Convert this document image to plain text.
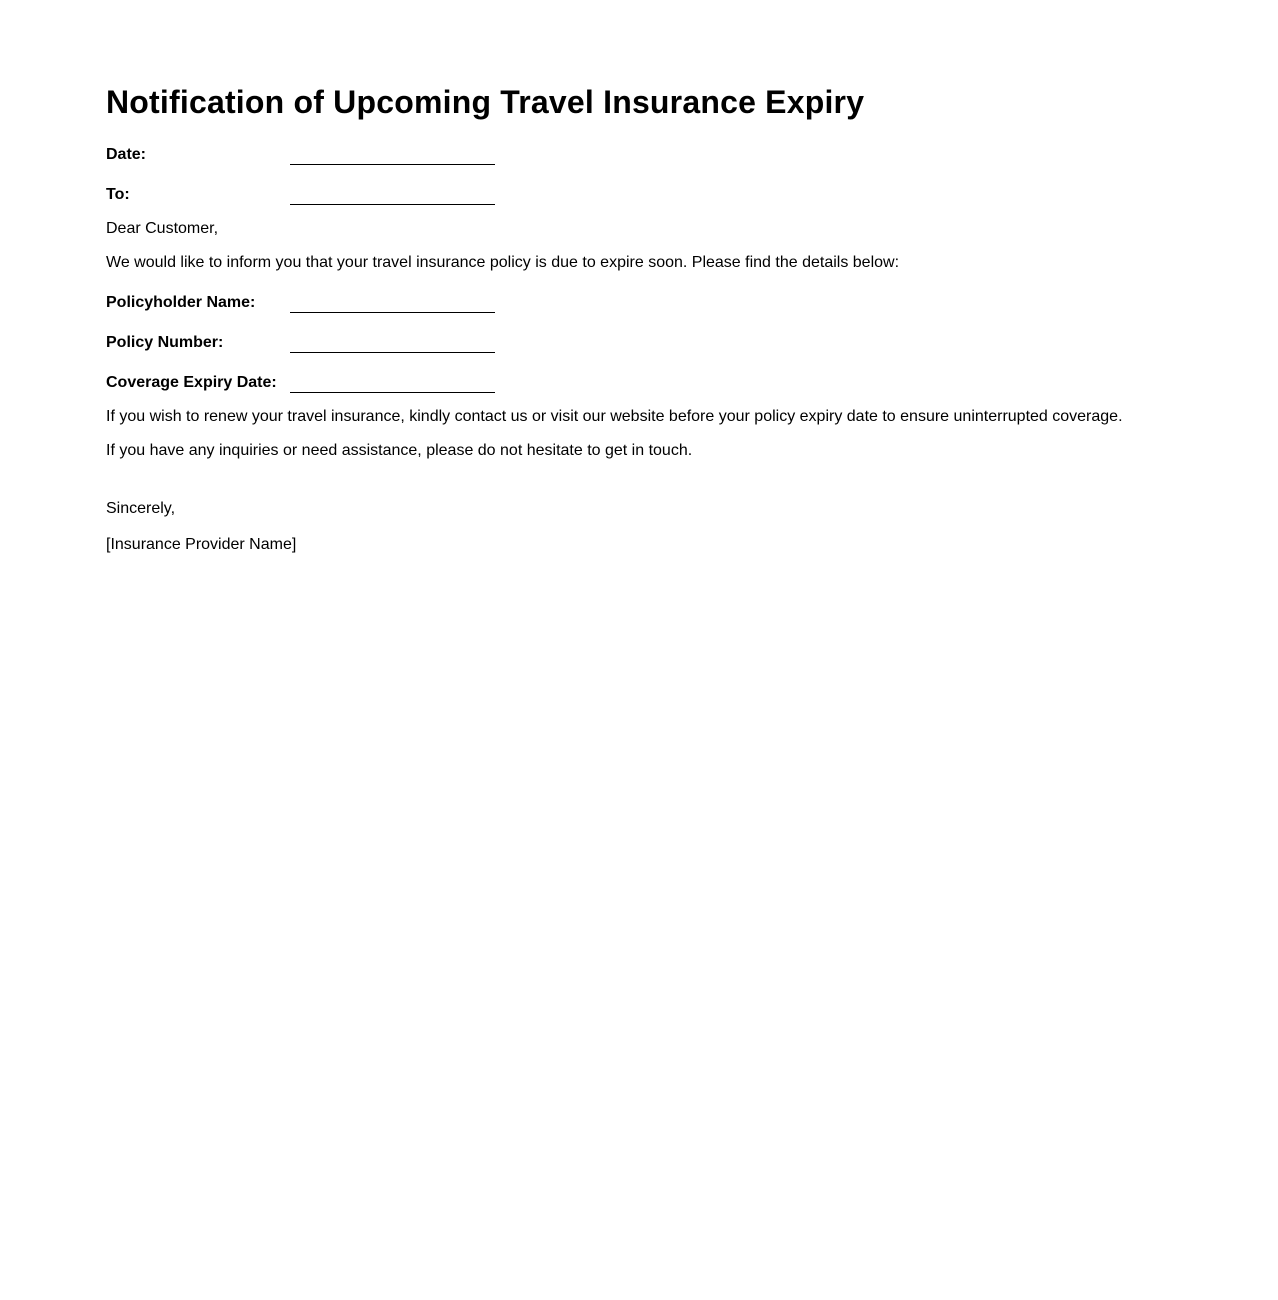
Notification of Upcoming Travel Insurance Expiry
Date:
To:

Dear Customer,

We would like to inform you that your travel insurance policy is due to expire soon. Please find the details below:

Policyholder Name:
Policy Number:
Coverage Expiry Date:

If you wish to renew your travel insurance, kindly contact us or visit our website before your policy expiry date to ensure uninterrupted coverage.

If you have any inquiries or need assistance, please do not hesitate to get in touch.

Sincerely,

[Insurance Provider Name]
